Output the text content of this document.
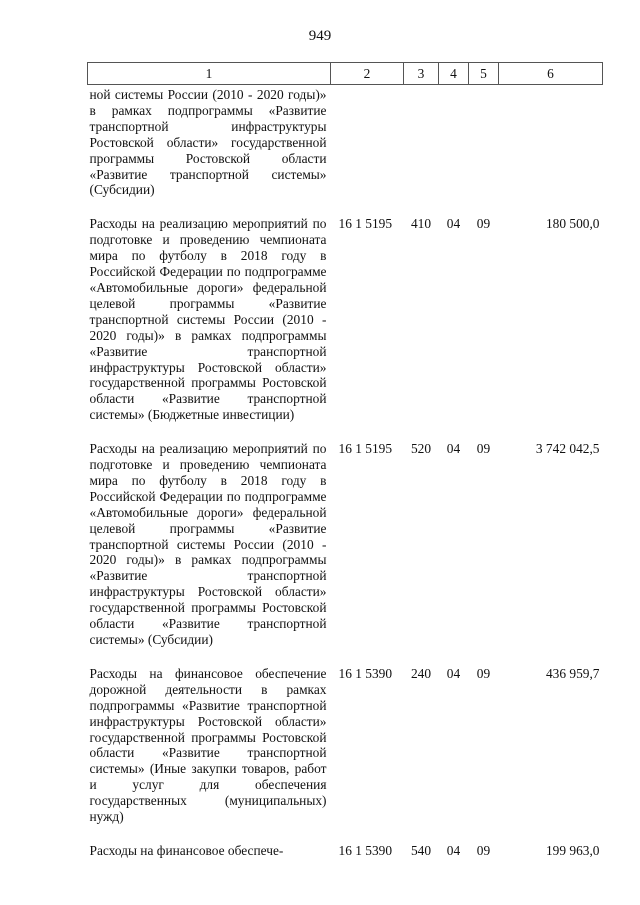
949
1	2	3	4	5	6
ной системы России (2010 - 2020 годы)» в рамках подпрограммы «Развитие транспортной инфраструктуры Ростовской области» государственной программы Ростовской области «Развитие транспортной системы» (Субсидии)					
Расходы на реализацию мероприятий по подготовке и проведению чемпионата мира по футболу в 2018 году в Российской Федерации по подпрограмме «Автомобильные дороги» федеральной целевой программы «Развитие транспортной системы России (2010 - 2020 годы)» в рамках подпрограммы «Развитие транспортной инфраструктуры Ростовской области» государственной программы Ростовской области «Развитие транспортной системы» (Бюджетные инвестиции)	16 1 5195	410	04	09	180 500,0
Расходы на реализацию мероприятий по подготовке и проведению чемпионата мира по футболу в 2018 году в Российской Федерации по подпрограмме «Автомобильные дороги» федеральной целевой программы «Развитие транспортной системы России (2010 - 2020 годы)» в рамках подпрограммы «Развитие транспортной инфраструктуры Ростовской области» государственной программы Ростовской области «Развитие транспортной системы» (Субсидии)	16 1 5195	520	04	09	3 742 042,5
Расходы на финансовое обеспечение дорожной деятельности в рамках подпрограммы «Развитие транспортной инфраструктуры Ростовской области» государственной программы Ростовской области «Развитие транспортной системы» (Иные закупки товаров, работ и услуг для обеспечения государственных (муниципальных) нужд)	16 1 5390	240	04	09	436 959,7
Расходы на финансовое обеспече-	16 1 5390	540	04	09	199 963,0
